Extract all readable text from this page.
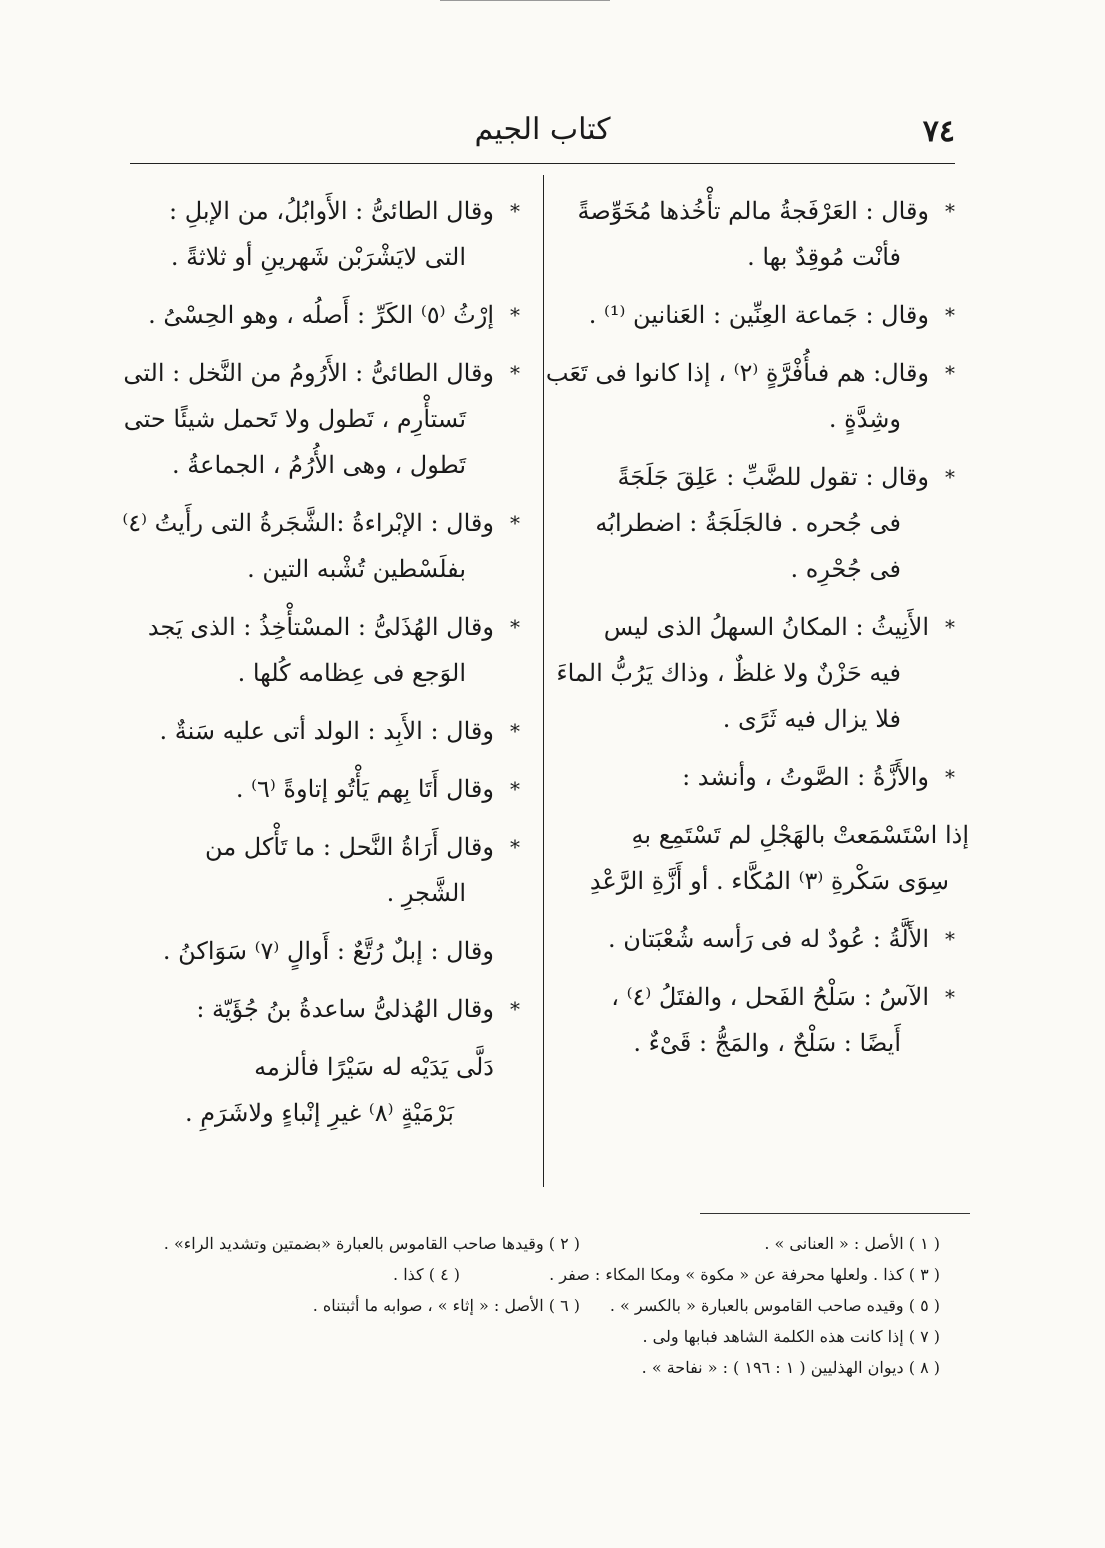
٧٤
كتاب الجيم
* وقال : العَرْفَجةُ مالم تأْخُذها مُخَوِّصةً
فأنْت مُوقِدٌ بها .
* وقال : جَماعة العِنِّين : العَنانين ⁽¹⁾ .
* وقال: هم فىأُفْرَّةٍ ⁽٢⁾ ، إذا كانوا فى تَعَب
وشِدَّةٍ .
* وقال : تقول للضَّبِّ : عَلِقَ جَلَجَةً
فى جُحره . فالجَلَجَةُ : اضطرابُه
فى جُحْرِه .
* الأَنِيثُ : المكانُ السهلُ الذى ليس
فيه حَزْنٌ ولا غلظٌ ، وذاك يَرُبُّ الماءَ
فلا يزال فيه ثَرًى .
* والأَزَّةُ : الصَّوتُ ، وأنشد :
إذا اسْتَسْمَعتْ بالهَجْلِ لم تَسْتَمِع بهِ
سِوَى سَكْرةِ ⁽٣⁾ المُكَّاء . أو أَزَّةِ الرَّعْدِ
* الأَلَّةُ : عُودٌ له فى رَأسه شُعْبَتان .
* الآسُ : سَلْحُ الفَحل ، والفتَلُ ⁽٤⁾ ،
أَيضًا : سَلْحٌ ، والمَجُّ : قَىْءٌ .
* وقال الطائىُّ : الأَوابُلُ، من الإبلِ :
التى لايَشْرَبْن شَهرينِ أو ثلاثةً .
* إرْثُ ⁽٥⁾ الكَرِّ : أَصلُه ، وهو الحِسْىُ .
* وقال الطائىُّ : الأَرُومُ من النَّخل : التى
تَستأْرِم ، تَطول ولا تَحمل شيئًا حتى
تَطول ، وهى الأُرُمُ ، الجماعةُ .
* وقال : الإبْراءةُ :الشَّجَرةُ التى رأَيتُ ⁽٤⁾
بفلَسْطين تُشْبه التين .
* وقال الهُذَلىُّ : المسْتأْخِذُ : الذى يَجد
الوَجع فى عِظامه كُلها .
* وقال : الأَبِد : الولد أتى عليه سَنةٌ .
* وقال أَتَا بِهم يَأْتُو إتاوةً ⁽٦⁾ .
* وقال أَرَاةُ النَّحل : ما تَأْكل من
الشَّجرِ .
وقال : إبلٌ رُتَّعٌ : أَوالٍ ⁽٧⁾ سَوَاكنُ .
* وقال الهُذلىُّ ساعدةُ بنُ جُؤَيّة :
دَلَّى يَدَيْه له سَيْرًا فألزمه
بَرْمَيْةٍ ⁽٨⁾ غيرِ إنْباءٍ ولاشَرَمِ .
( ١ ) الأصل : « العنانى » .
( ٢ ) وقيدها صاحب القاموس بالعبارة «بضمتين وتشديد الراء» .
( ٣ ) كذا . ولعلها محرفة عن « مكوة » ومكا المكاء : صفر .
( ٤ ) كذا .
( ٥ ) وقيده صاحب القاموس بالعبارة « بالكسر » .
( ٦ ) الأصل : « إثاء » ، صوابه ما أثبتناه .
( ٧ ) إذا كانت هذه الكلمة الشاهد فبابها ولى .
( ٨ ) ديوان الهذليين ( ١ : ١٩٦ ) : « نفاحة » .
